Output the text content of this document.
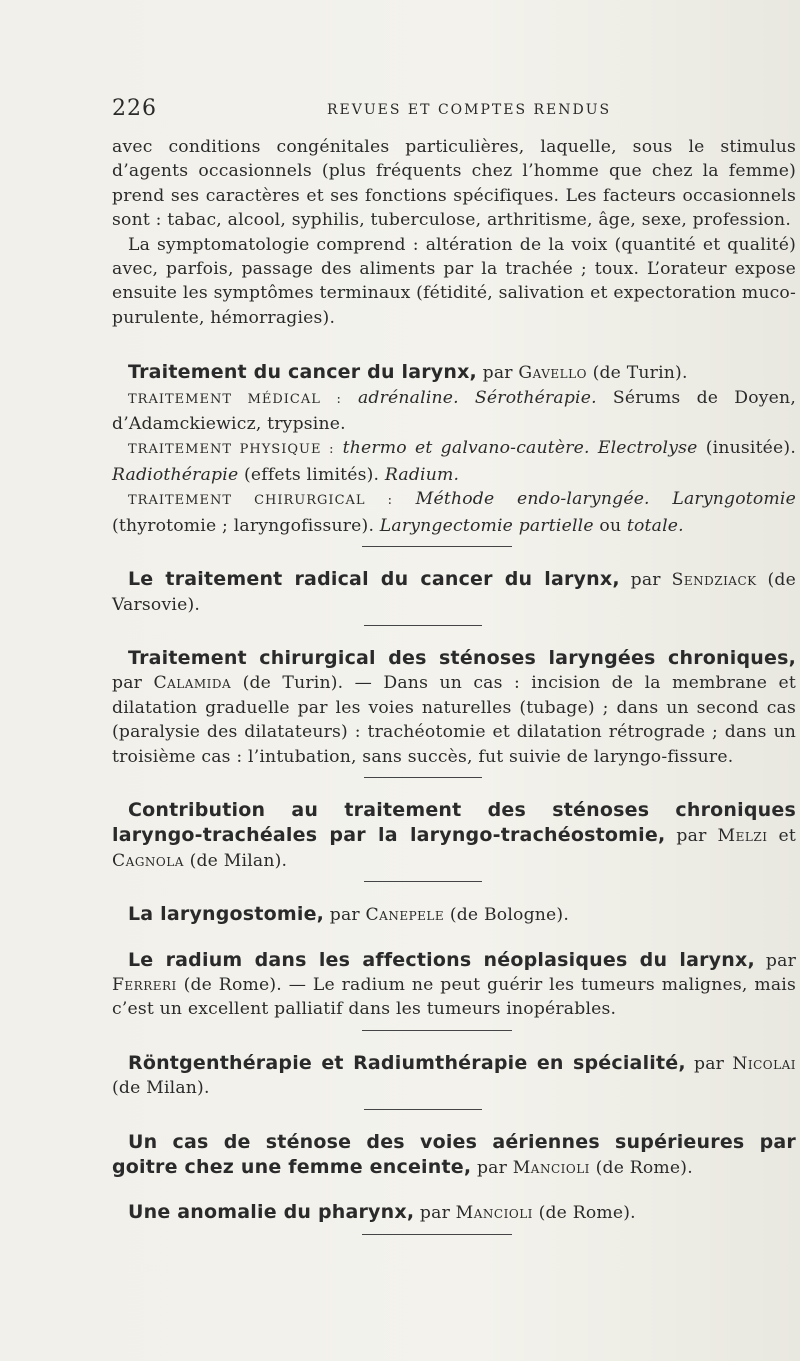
226	REVUES ET COMPTES RENDUS

avec conditions congénitales particulières, laquelle, sous le stimulus d’agents occasionnels (plus fréquents chez l’homme que chez la femme) prend ses caractères et ses fonctions spécifiques. Les facteurs occasionnels sont : tabac, alcool, syphilis, tuberculose, arthritisme, âge, sexe, profession.

La symptomatologie comprend : altération de la voix (quantité et qualité) avec, parfois, passage des aliments par la trachée ; toux. L’orateur expose ensuite les symptômes terminaux (fétidité, salivation et expectoration muco-purulente, hémorragies).

Traitement du cancer du larynx, par Gavello (de Turin).

TRAITEMENT MÉDICAL : adrénaline. Sérothérapie. Sérums de Doyen, d’Adamckiewicz, trypsine.

TRAITEMENT PHYSIQUE : thermo et galvano-cautère. Electrolyse (inusitée). Radiothérapie (effets limités). Radium.

TRAITEMENT CHIRURGICAL : Méthode endo-laryngée. Laryngotomie (thyrotomie ; laryngofissure). Laryngectomie partielle ou totale.

Le traitement radical du cancer du larynx, par Sendziack (de Varsovie).

Traitement chirurgical des sténoses laryngées chroniques, par Calamida (de Turin). — Dans un cas : incision de la membrane et dilatation graduelle par les voies naturelles (tubage) ; dans un second cas (paralysie des dilatateurs) : trachéotomie et dilatation rétrograde ; dans un troisième cas : l’intubation, sans succès, fut suivie de laryngo-fissure.

Contribution au traitement des sténoses chroniques laryngo-trachéales par la laryngo-trachéostomie, par Melzi et Cagnola (de Milan).

La laryngostomie, par Canepele (de Bologne).

Le radium dans les affections néoplasiques du larynx, par Ferreri (de Rome). — Le radium ne peut guérir les tumeurs malignes, mais c’est un excellent palliatif dans les tumeurs inopérables.

Röntgenthérapie et Radiumthérapie en spécialité, par Nicolai (de Milan).

Un cas de sténose des voies aériennes supérieures par goitre chez une femme enceinte, par Mancioli (de Rome).

Une anomalie du pharynx, par Mancioli (de Rome).
